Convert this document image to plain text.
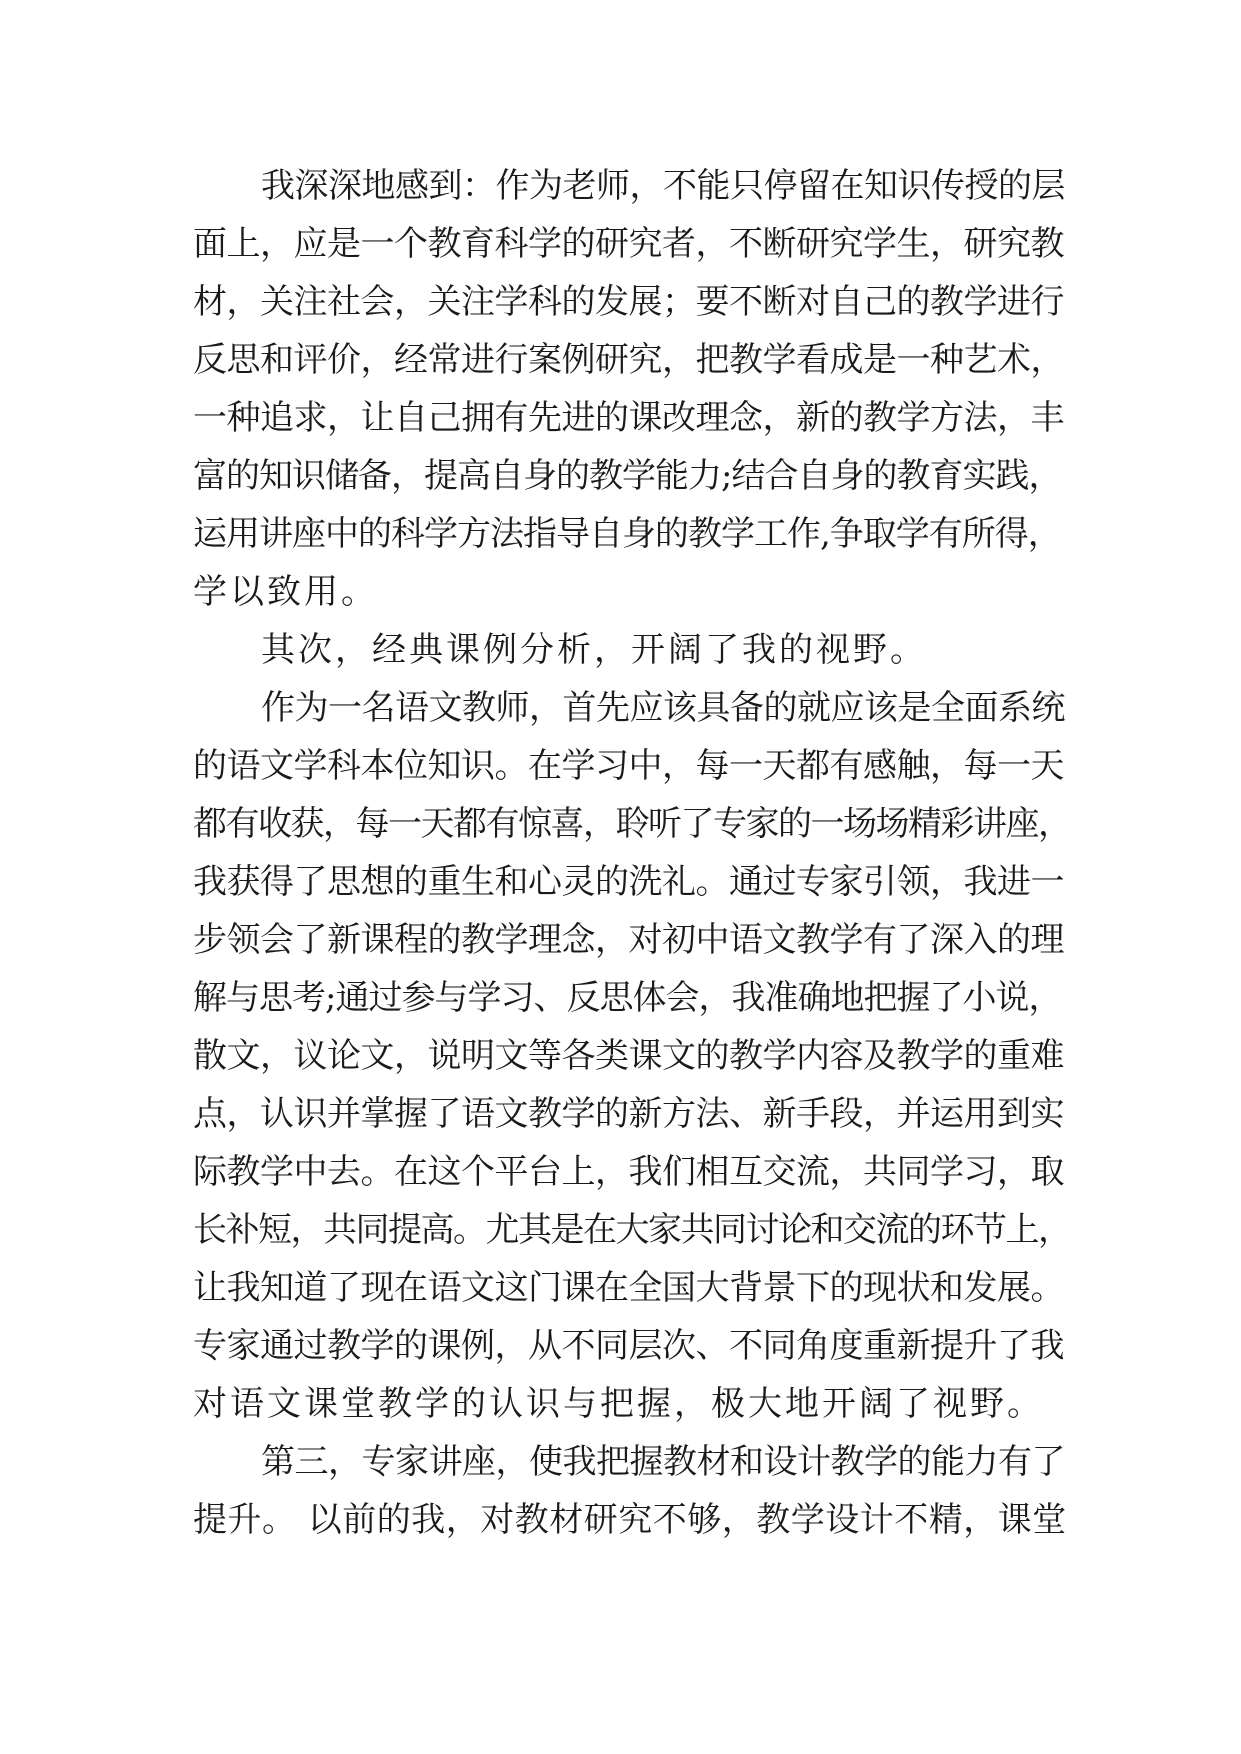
我深深地感到：作为老师，不能只停留在知识传授的层
面上，应是一个教育科学的研究者，不断研究学生，研究教
材，关注社会，关注学科的发展；要不断对自己的教学进行
反思和评价，经常进行案例研究，把教学看成是一种艺术，
一种追求，让自己拥有先进的课改理念，新的教学方法，丰
富的知识储备，提高自身的教学能力;结合自身的教育实践，
运用讲座中的科学方法指导自身的教学工作,争取学有所得，
学以致用。
其次，经典课例分析，开阔了我的视野。
作为一名语文教师，首先应该具备的就应该是全面系统
的语文学科本位知识。在学习中，每一天都有感触，每一天
都有收获，每一天都有惊喜，聆听了专家的一场场精彩讲座，
我获得了思想的重生和心灵的洗礼。通过专家引领，我进一
步领会了新课程的教学理念，对初中语文教学有了深入的理
解与思考;通过参与学习、反思体会，我准确地把握了小说，
散文，议论文，说明文等各类课文的教学内容及教学的重难
点，认识并掌握了语文教学的新方法、新手段，并运用到实
际教学中去。在这个平台上，我们相互交流，共同学习，取
长补短，共同提高。尤其是在大家共同讨论和交流的环节上，
让我知道了现在语文这门课在全国大背景下的现状和发展。
专家通过教学的课例，从不同层次、不同角度重新提升了我
对语文课堂教学的认识与把握，极大地开阔了视野。
第三，专家讲座，使我把握教材和设计教学的能力有了
提升。 以前的我，对教材研究不够，教学设计不精，课堂
